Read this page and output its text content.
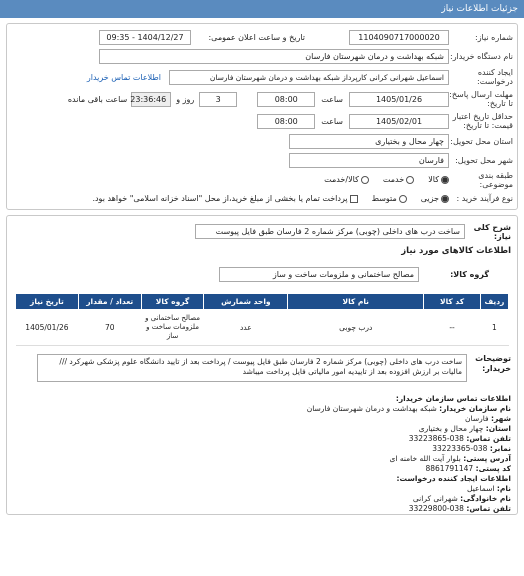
جزئیات اطلاعات نیاز
شماره نیاز:
1104090717000020
تاریخ و ساعت اعلان عمومی:
1404/12/27 - 09:35
نام دستگاه خریدار:
شبکه بهداشت و درمان شهرستان فارسان
ایجاد کننده درخواست:
اسماعیل شهرانی کرانی کارپرداز شبکه بهداشت و درمان شهرستان فارسان
اطلاعات تماس خریدار
مهلت ارسال پاسخ: تا تاریخ:
1405/01/26
ساعت
08:00
3
روز و
23:36:46
ساعت باقی مانده
حداقل تاریخ اعتبار قیمت: تا تاریخ:
1405/02/01
ساعت
08:00
استان محل تحویل:
چهار محال و بختیاری
شهر محل تحویل:
فارسان
طبقه بندی موضوعی:
کالا
خدمت
کالا/خدمت
نوع فرآیند خرید :
جزیی
متوسط
پرداخت تمام یا بخشی از مبلغ خرید،از محل "اسناد خزانه اسلامی" خواهد بود.
شرح کلی نیاز:
ساخت درب های داخلی (چوبی) مرکز شماره 2 فارسان طبق فایل پیوست
اطلاعات کالاهای مورد نیاز
گروه کالا:
مصالح ساختمانی و ملزومات ساخت و ساز
ردیف	کد کالا	نام کالا	واحد شمارش	گروه کالا	تعداد / مقدار	تاریخ نیاز
1	--	درب چوبی	عدد	مصالح ساختمانی و ملزومات ساخت و ساز	70	1405/01/26
توضیحات خریدار:
ساخت درب های داخلی (چوبی) مرکز شماره 2 فارسان طبق فایل پیوست / پرداخت بعد از تایید دانشگاه علوم پزشکی شهرکرد /// مالیات بر ارزش افزوده بعد از تاییدیه امور مالیاتی فایل پرداخت میباشد
اطلاعات تماس سازمان خریدار:
نام سازمان خریدار: شبکه بهداشت و درمان شهرستان فارسان
شهر: فارسان
استان: چهار محال و بختیاری
تلفن تماس: 038-33223865
نمابر: 038-33223365
آدرس پستی: بلوار آیت الله خامنه ای
کد پستی: 8861791147
اطلاعات ایجاد کننده درخواست:
نام: اسماعیل
نام خانوادگی: شهرانی کرانی
تلفن تماس: 038-33229800
